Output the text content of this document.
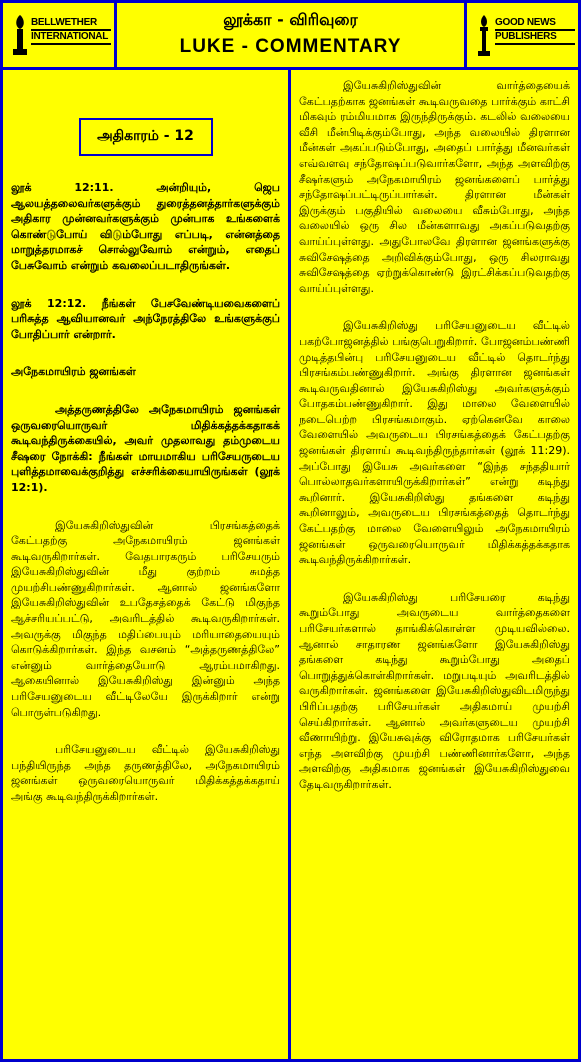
BELLWETHER
INTERNATIONAL
லூக்கா - விரிவுரை
LUKE - COMMENTARY
GOOD NEWS
PUBLISHERS
அதிகாரம் - 12

லூக் 12:11. அன்றியும், ஜெப ஆலயத்தலைவர்களுக்கும் துரைத்தனத்தார்களுக்கும் அதிகார முன்னவர்களுக்கும் முன்பாக உங்களைக் கொண்டுபோய் விடும்போது எப்படி, என்னத்தை மாறுத்தரமாகச் சொல்லுவோம் என்றும், எதைப் பேசுவோம் என்றும் கவலைப்படாதிருங்கள்.

லூக் 12:12. நீங்கள் பேசவேண்டியவைகளைப் பரிசுத்த ஆவியானவர் அந்நேரத்திலே உங்களுக்குப் போதிப்பார் என்றார்.

அநேகமாயிரம் ஜனங்கள்

அத்தருணத்திலே அநேகமாயிரம் ஜனங்கள் ஒருவரையொருவர் மிதிக்கத்தக்கதாகக் கூடிவந்திருக்கையில், அவர் முதலாவது தம்முடைய சீஷரை நோக்கி: நீங்கள் மாயமாகிய பரிசேயருடைய புளித்தமாவைக்குறித்து எச்சரிக்கையாயிருங்கள் (லூக் 12:1).

இயேசுகிறிஸ்துவின் பிரசங்கத்தைக் கேட்பதற்கு அநேகமாயிரம் ஜனங்கள் கூடிவருகிறார்கள். வேதபாரகரும் பரிசேயரும் இயேசுகிறிஸ்துவின் மீது குற்றம் சுமத்த முயற்சிபண்ணுகிறார்கள். ஆனால் ஜனங்களோ இயேசுகிறிஸ்துவின் உபதேசத்தைக் கேட்டு மிகுந்த ஆச்சரியப்பட்டு, அவரிடத்தில் கூடிவருகிறார்கள். அவருக்கு மிகுந்த மதிப்பையும் மரியாதையையும் கொடுக்கிறார்கள். இந்த வசனம் “அத்தருணத்திலே” என்னும் வார்த்தையோடு ஆரம்பமாகிறது. ஆகையினால் இயேசுகிறிஸ்து இன்னும் அந்த பரிசேயனுடைய வீட்டிலேயே இருக்கிறார் என்று பொருள்படுகிறது.

பரிசேயனுடைய வீட்டில் இயேசுகிறிஸ்து பந்தியிருந்த அந்த தருணத்திலே, அநேகமாயிரம் ஜனங்கள் ஒருவரையொருவர் மிதிக்கத்தக்கதாய் அங்கு கூடிவந்திருக்கிறார்கள்.

இயேசுகிறிஸ்துவின் வார்த்தையைக் கேட்பதற்காக ஜனங்கள் கூடிவருவதை பார்க்கும் காட்சி மிகவும் ரம்மியமாக இருந்திருக்கும். கடலில் வலையை வீசி மீன்பிடிக்கும்போது, அந்த வலையில் திரளான மீன்கள் அகப்படும்போது, அதைப் பார்த்து மீனவர்கள் எவ்வளவு சந்தோஷப்படுவார்களோ, அந்த அளவிற்கு சீஷர்களும் அநேகமாயிரம் ஜனங்களைப் பார்த்து சந்தோஷப்பட்டிருப்பார்கள். திரளான மீன்கள் இருக்கும் பகுதியில் வலையை வீசும்போது, அந்த வலையில் ஒரு சில மீன்களாவது அகப்படுவதற்கு வாய்ப்புள்ளது. அதுபோலவே திரளான ஜனங்களுக்கு சுவிசேஷத்தை அறிவிக்கும்போது, ஒரு சிலராவது சுவிசேஷத்தை ஏற்றுக்கொண்டு இரட்சிக்கப்படுவதற்கு வாய்ப்புள்ளது.

இயேசுகிறிஸ்து பரிசேயனுடைய வீட்டில் பகற்போஜனத்தில் பங்குபெறுகிறார். போஜனம்பண்ணி முடித்தபின்பு பரிசேயனுடைய வீட்டில் தொடர்ந்து பிரசங்கம்பண்ணுகிறார். அங்கு திரளான ஜனங்கள் கூடிவருவதினால் இயேசுகிறிஸ்து அவர்களுக்கும் போதகம்பண்ணுகிறார். இது மாலை வேளையில் நடைபெற்ற பிரசங்கமாகும். ஏற்கெனவே காலை வேளையில் அவருடைய பிரசங்கத்தைக் கேட்பதற்கு ஜனங்கள் திரளாய் கூடிவந்திருந்தார்கள் (லூக் 11:29). அப்போது இயேசு அவர்களை “இந்த சந்ததியார் பொல்லாதவர்களாயிருக்கிறார்கள்” என்று கடிந்து கூறினார். இயேசுகிறிஸ்து தங்களை கடிந்து கூறினாலும், அவருடைய பிரசங்கத்தைத் தொடர்ந்து கேட்பதற்கு மாலை வேளையிலும் அநேகமாயிரம் ஜனங்கள் ஒருவரையொருவர் மிதிக்கத்தக்கதாக கூடிவந்திருக்கிறார்கள்.

இயேசுகிறிஸ்து பரிசேயரை கடிந்து கூறும்போது அவருடைய வார்த்தைகளை பரிசேயர்களால் தாங்கிக்கொள்ள முடியவில்லை. ஆனால் சாதாரண ஜனங்களோ இயேசுகிறிஸ்து தங்களை கடிந்து கூறும்போது அதைப் பொறுத்துக்கொள்கிறார்கள். மறுபடியும் அவரிடத்தில் வருகிறார்கள். ஜனங்களை இயேசுகிறிஸ்துவிடமிருந்து பிரிப்பதற்கு பரிசேயர்கள் அதிகமாய் முயற்சி செய்கிறார்கள். ஆனால் அவர்களுடைய முயற்சி வீணாயிற்று. இயேசுவுக்கு விரோதமாக பரிசேயர்கள் எந்த அளவிற்கு முயற்சி பண்ணினார்களோ, அந்த அளவிற்கு அதிகமாக ஜனங்கள் இயேசுகிறிஸ்துவை தேடிவருகிறார்கள்.
